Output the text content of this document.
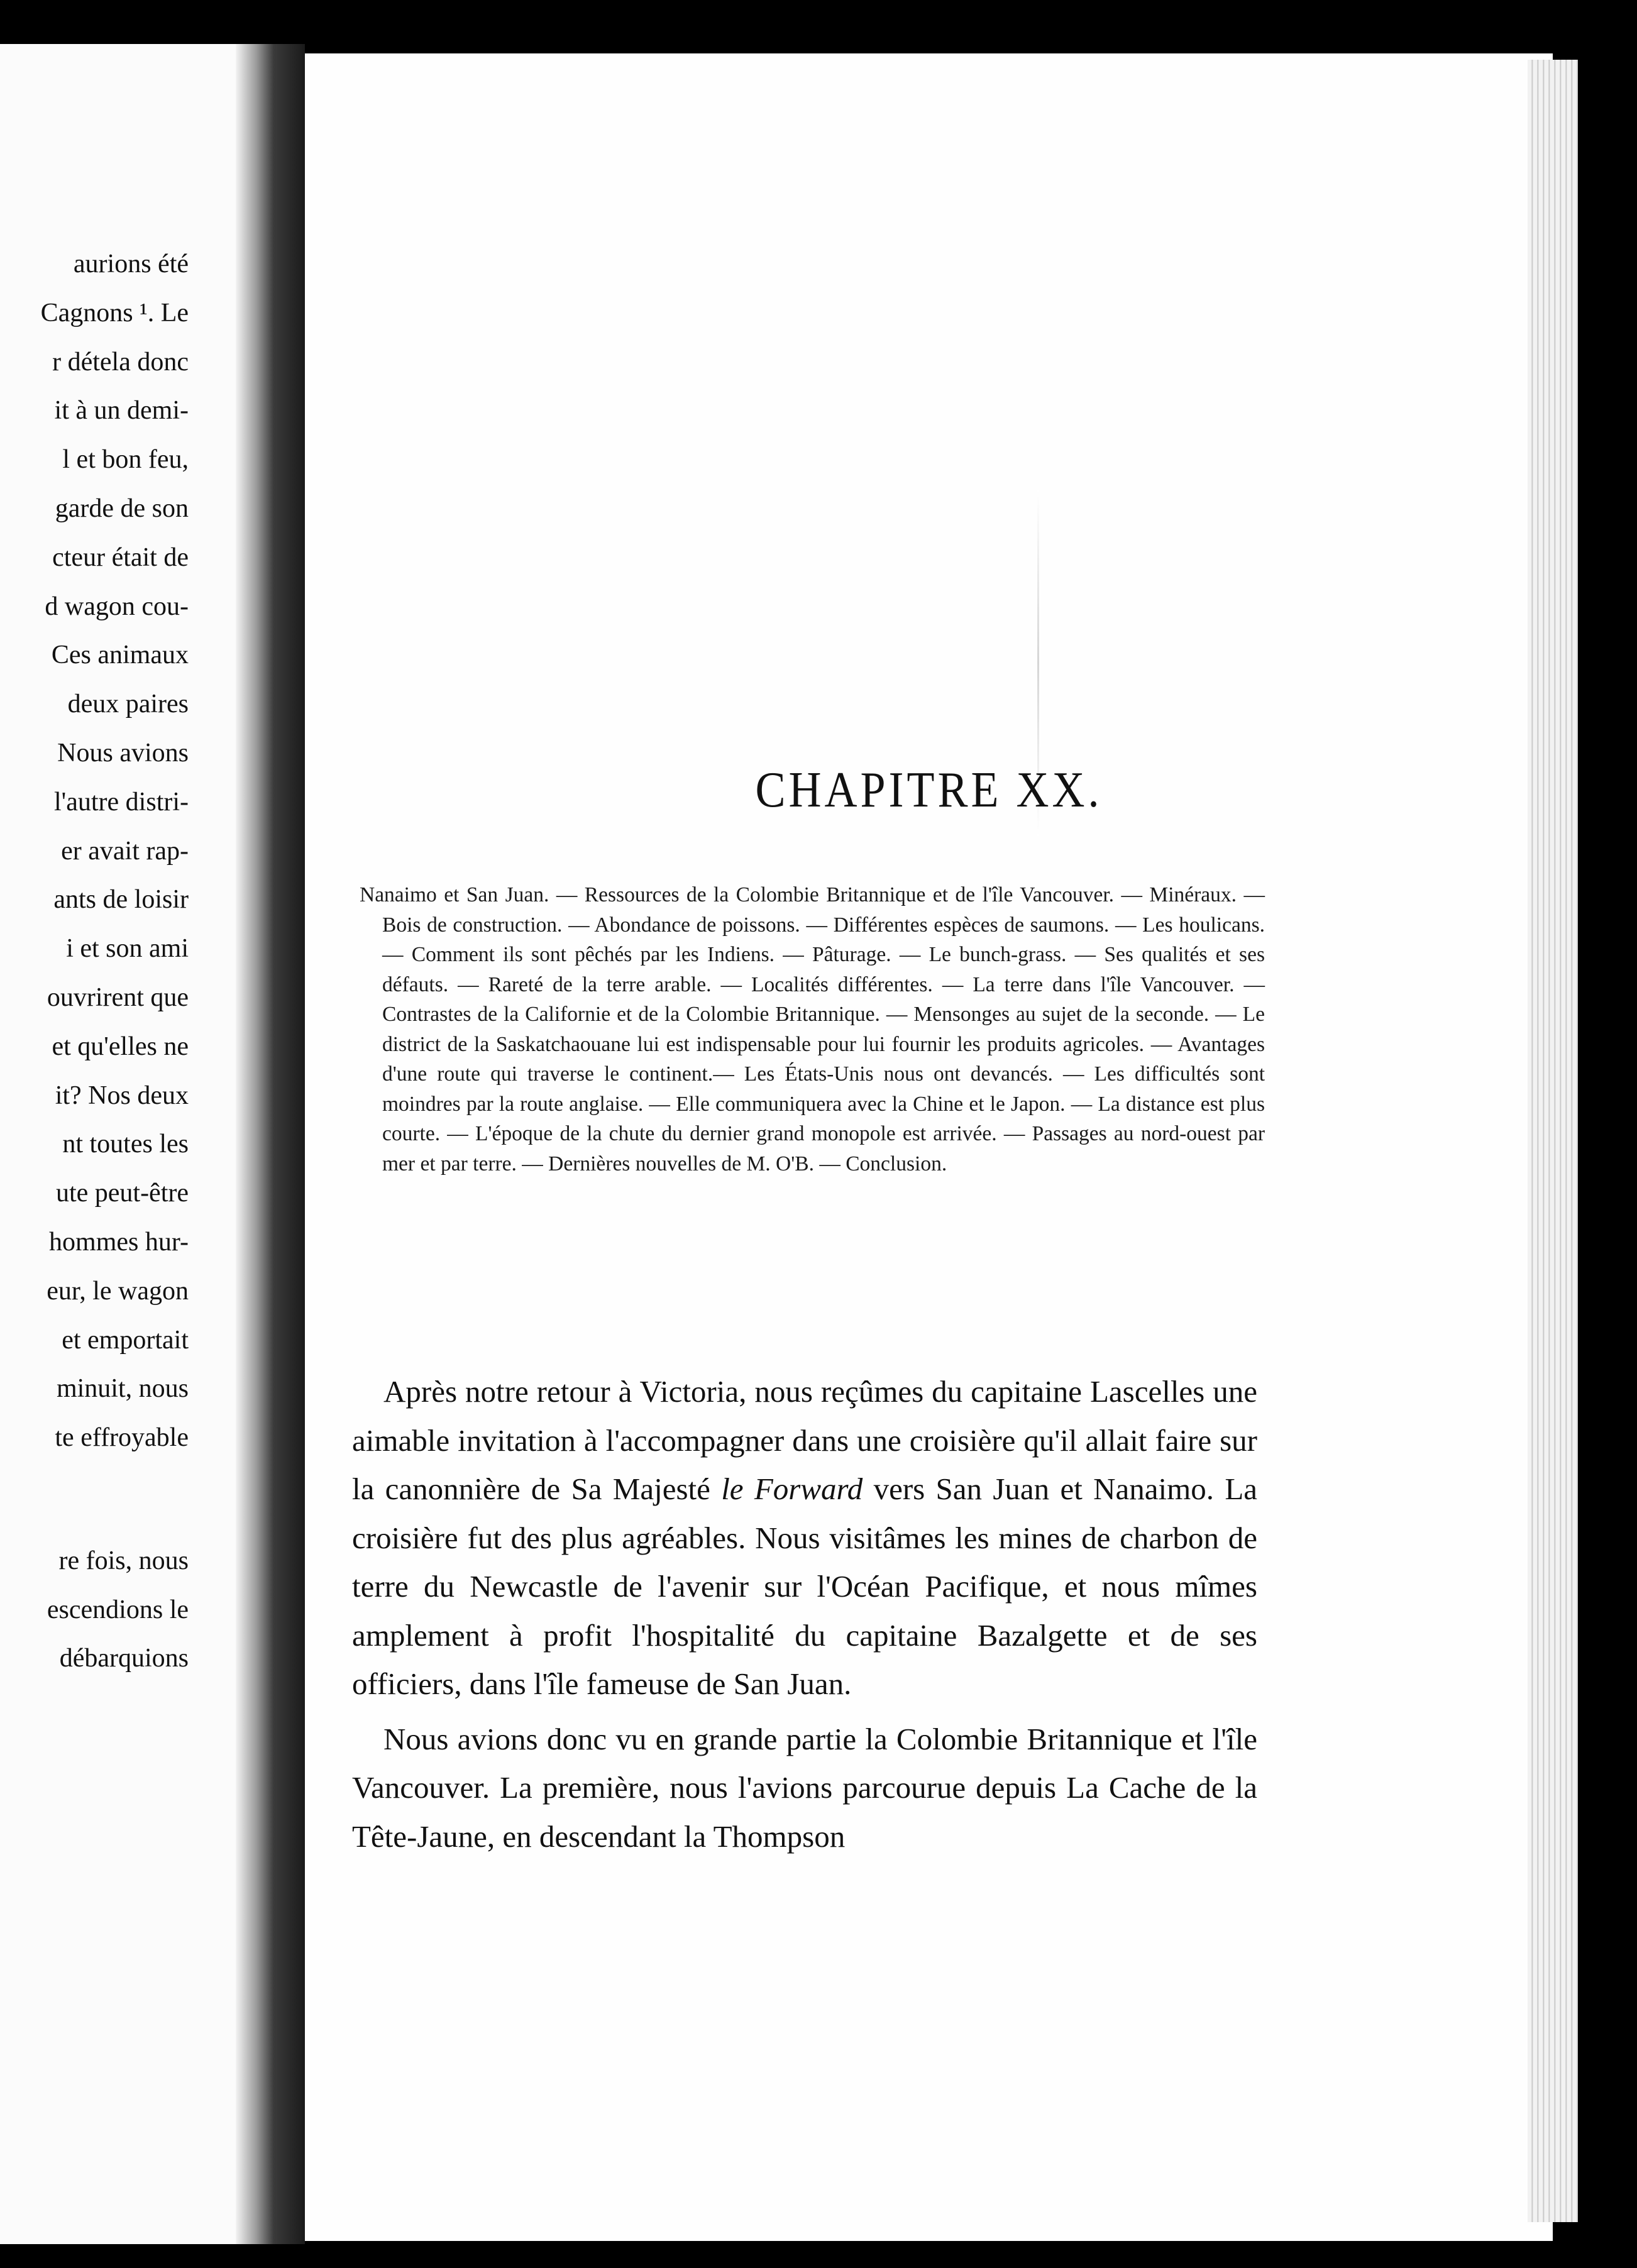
aurions été
Cagnons ¹. Le
r détela donc
it à un demi-
l et bon feu,
garde de son
cteur était de
d wagon cou-
Ces animaux
deux paires
Nous avions
l'autre distri-
er avait rap-
ants de loisir
i et son ami
ouvrirent que
et qu'elles ne
it? Nos deux
nt toutes les
ute peut-être
hommes hur-
eur, le wagon
et emportait
minuit, nous
te effroyable
re fois, nous
escendions le
débarquions
CHAPITRE XX.

Nanaimo et San Juan. — Ressources de la Colombie Britannique et de l'île Vancouver. — Minéraux. — Bois de construction. — Abondance de poissons. — Différentes espèces de saumons. — Les houlicans. — Comment ils sont pêchés par les Indiens. — Pâturage. — Le bunch-grass. — Ses qualités et ses défauts. — Rareté de la terre arable. — Localités différentes. — La terre dans l'île Vancouver. — Contrastes de la Californie et de la Colombie Britannique. — Mensonges au sujet de la seconde. — Le district de la Saskatchaouane lui est indispensable pour lui fournir les produits agricoles. — Avantages d'une route qui traverse le continent.— Les États-Unis nous ont devancés. — Les difficultés sont moindres par la route anglaise. — Elle communiquera avec la Chine et le Japon. — La distance est plus courte. — L'époque de la chute du dernier grand monopole est arrivée. — Passages au nord-ouest par mer et par terre. — Dernières nouvelles de M. O'B. — Conclusion.

Après notre retour à Victoria, nous reçûmes du capitaine Lascelles une aimable invitation à l'accompagner dans une croisière qu'il allait faire sur la canonnière de Sa Majesté le Forward vers San Juan et Nanaimo. La croisière fut des plus agréables. Nous visitâmes les mines de charbon de terre du Newcastle de l'avenir sur l'Océan Pacifique, et nous mîmes amplement à profit l'hospitalité du capitaine Bazalgette et de ses officiers, dans l'île fameuse de San Juan.

Nous avions donc vu en grande partie la Colombie Britannique et l'île Vancouver. La première, nous l'avions parcourue depuis La Cache de la Tête-Jaune, en descendant la Thompson
